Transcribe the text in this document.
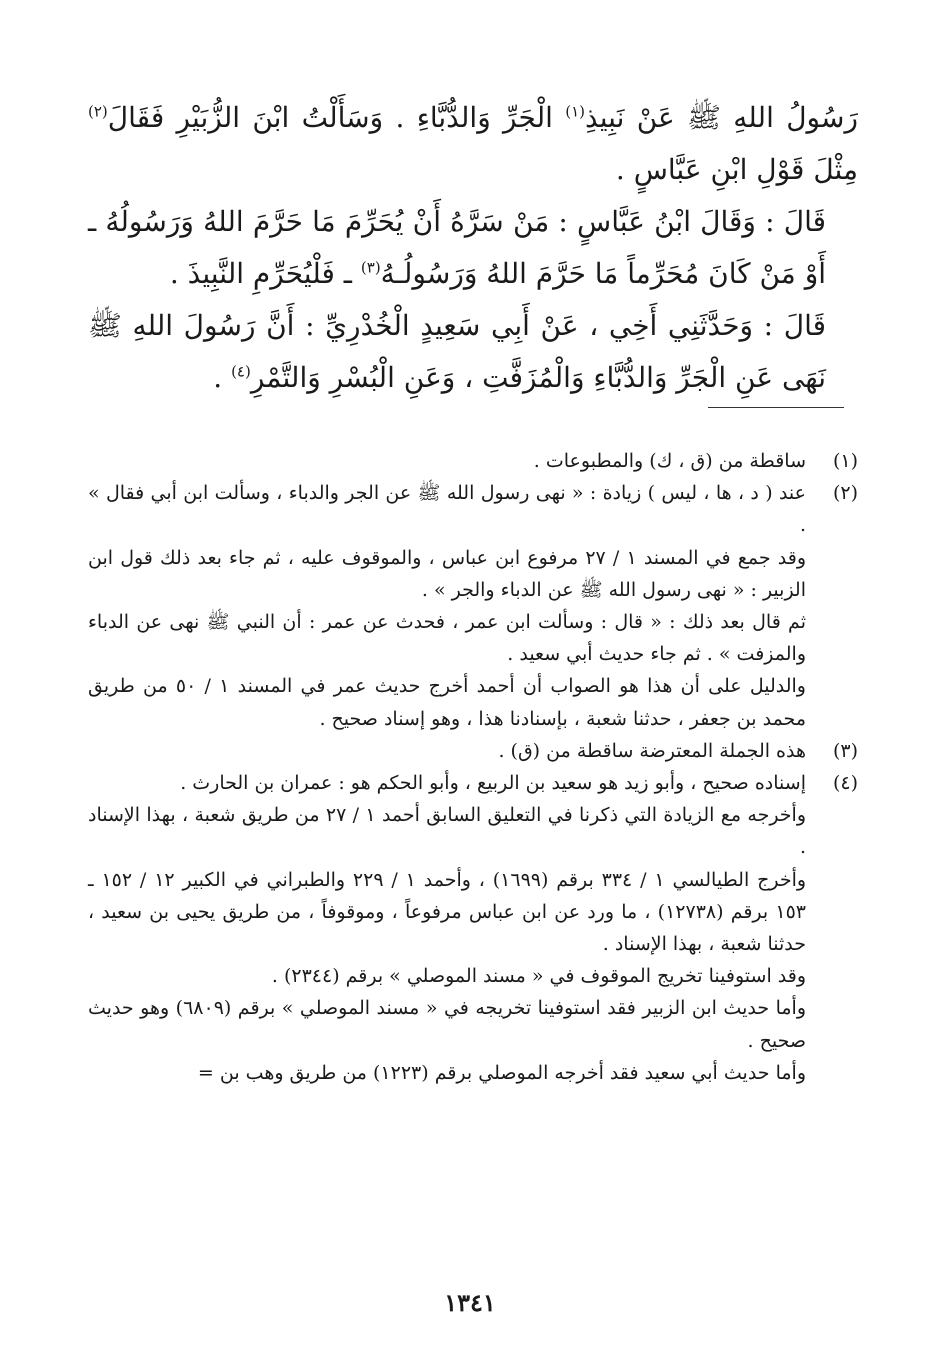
رَسُولُ اللهِ ﷺ عَنْ نَبِيذِ$^{(١)}$ الْجَرِّ وَالدُّبَّاءِ . وَسَأَلْتُ ابْنَ الزُّبَيْرِ فَقَالَ$^{(٢)}$ مِثْلَ قَوْلِ ابْنِ عَبَّاسٍ .

قَالَ : وَقَالَ ابْنُ عَبَّاسٍ : مَنْ سَرَّهُ أَنْ يُحَرِّمَ مَا حَرَّمَ اللهُ وَرَسُولُهُ ـ أَوْ مَنْ كَانَ مُحَرِّماً مَا حَرَّمَ اللهُ وَرَسُولُـهُ$^{(٣)}$ ـ فَلْيُحَرِّمِ النَّبِيذَ .

قَالَ : وَحَدَّثَنِي أَخِي ، عَنْ أَبِي سَعِيدٍ الْخُدْرِيِّ : أَنَّ رَسُولَ اللهِ ﷺ نَهَى عَنِ الْجَرِّ وَالدُّبَّاءِ وَالْمُزَفَّتِ ، وَعَنِ الْبُسْرِ وَالتَّمْرِ$^{(٤)}$ .

(١)

ساقطة من (ق ، ك) والمطبوعات .

(٢)

عند ( د ، ها ، ليس ) زيادة : « نهى رسول الله ﷺ عن الجر والدباء ، وسألت ابن أبي فقال » .

وقد جمع في المسند ١ / ٢٧ مرفوع ابن عباس ، والموقوف عليه ، ثم جاء بعد ذلك قول ابن الزبير : « نهى رسول الله ﷺ عن الدباء والجر » .

ثم قال بعد ذلك : « قال : وسألت ابن عمر ، فحدث عن عمر : أن النبي ﷺ نهى عن الدباء والمزفت » . ثم جاء حديث أبي سعيد .

والدليل على أن هذا هو الصواب أن أحمد أخرج حديث عمر في المسند ١ / ٥٠ من طريق محمد بن جعفر ، حدثنا شعبة ، بإسنادنا هذا ، وهو إسناد صحيح .

(٣)

هذه الجملة المعترضة ساقطة من (ق) .

(٤)

إسناده صحيح ، وأبو زيد هو سعيد بن الربيع ، وأبو الحكم هو : عمران بن الحارث .

وأخرجه مع الزيادة التي ذكرنا في التعليق السابق أحمد ١ / ٢٧ من طريق شعبة ، بهذا الإسناد .

وأخرج الطيالسي ١ / ٣٣٤ برقم (١٦٩٩) ، وأحمد ١ / ٢٢٩ والطبراني في الكبير ١٢ / ١٥٢ ـ ١٥٣ برقم (١٢٧٣٨) ، ما ورد عن ابن عباس مرفوعاً ، وموقوفاً ، من طريق يحيى بن سعيد ، حدثنا شعبة ، بهذا الإسناد .

وقد استوفينا تخريج الموقوف في « مسند الموصلي » برقم (٢٣٤٤) .

وأما حديث ابن الزبير فقد استوفينا تخريجه في « مسند الموصلي » برقم (٦٨٠٩) وهو حديث صحيح .

وأما حديث أبي سعيد فقد أخرجه الموصلي برقم (١٢٢٣) من طريق وهب بن =

١٣٤١
